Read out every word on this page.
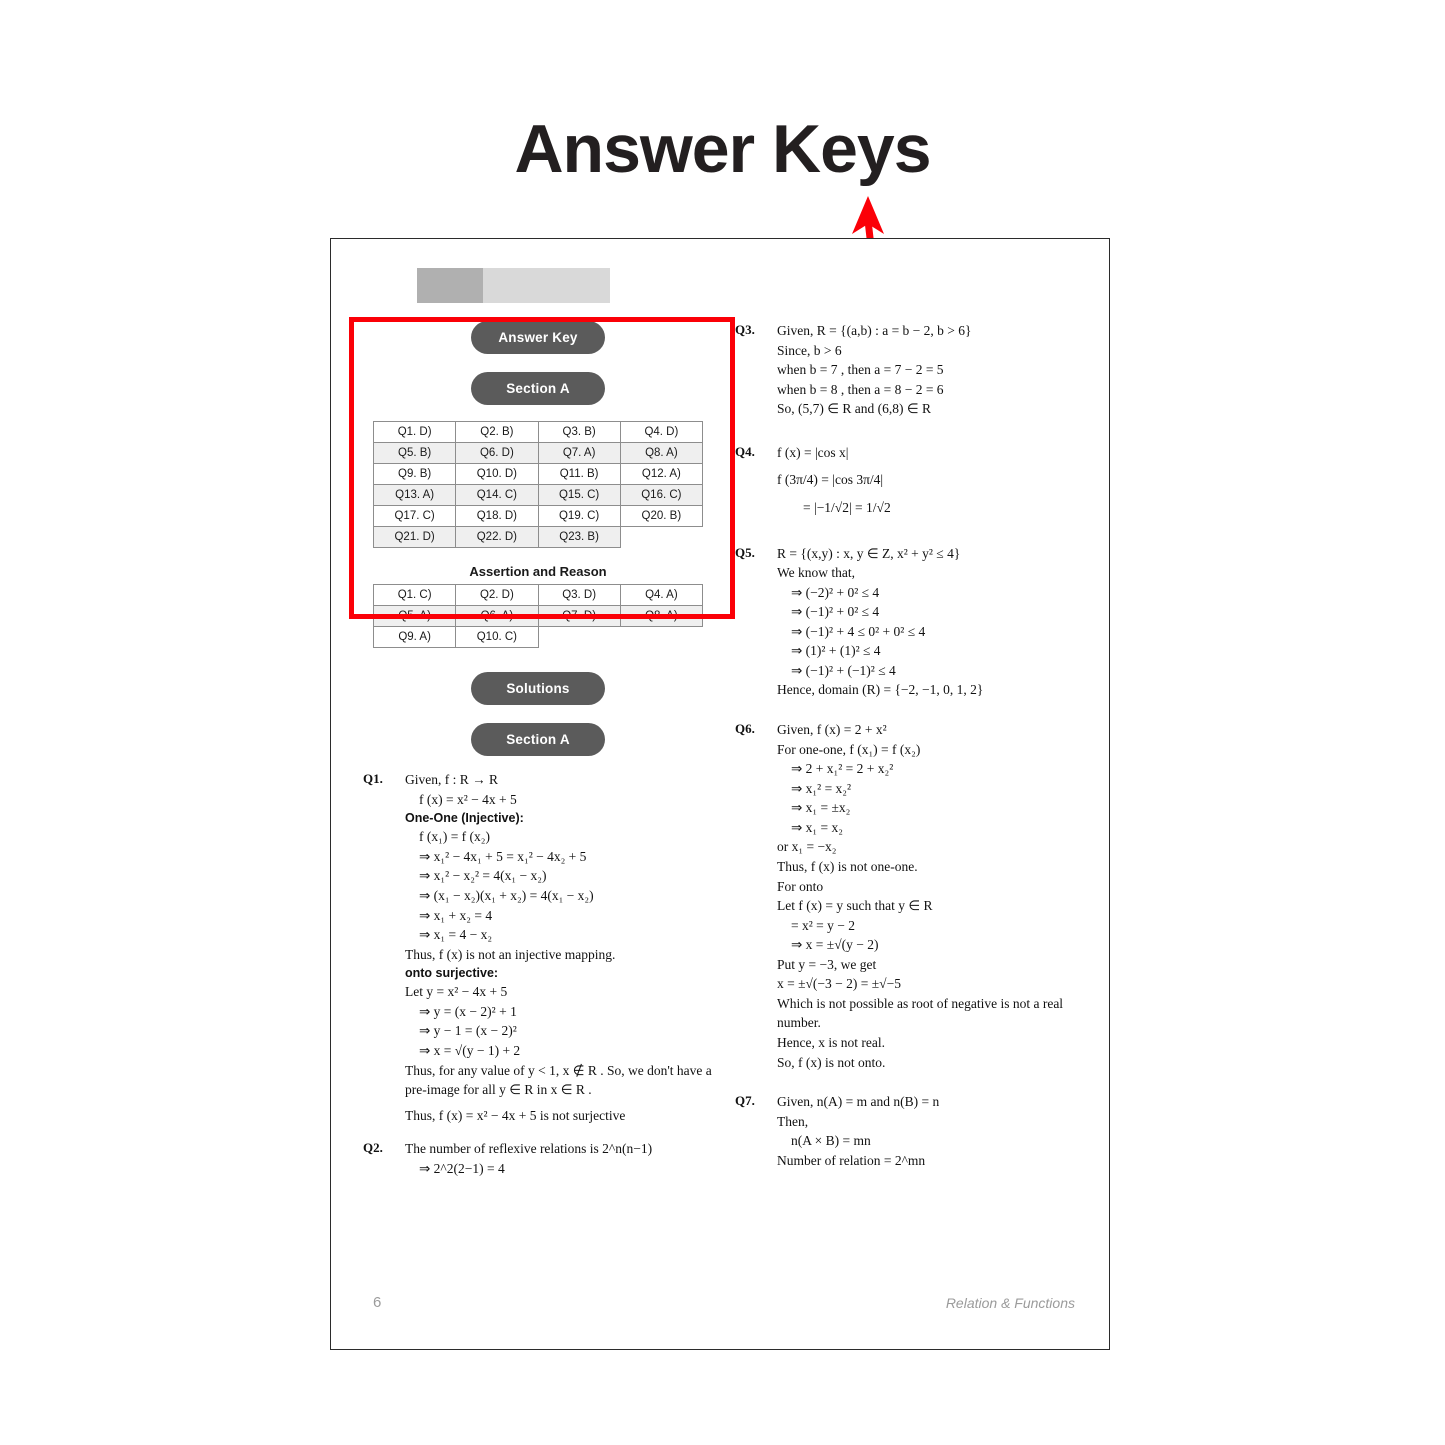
Answer Keys
Answer Key
Section A
Q1. D)	Q2. B)	Q3. B)	Q4. D)
Q5. B)	Q6. D)	Q7. A)	Q8. A)
Q9. B)	Q10. D)	Q11. B)	Q12. A)
Q13. A)	Q14. C)	Q15. C)	Q16. C)
Q17. C)	Q18. D)	Q19. C)	Q20. B)
Q21. D)	Q22. D)	Q23. B)	
Assertion and Reason
Q1. C)	Q2. D)	Q3. D)	Q4. A)
Q5. A)	Q6. A)	Q7. D)	Q8. A)
Q9. A)	Q10. C)		
Solutions
Section A
Q1.	Given, f : R → R
f (x) = x² − 4x + 5
One-One (Injective):
f (x₁) = f (x₂)
⇒ x₁² − 4x₁ + 5 = x₁² − 4x₂ + 5
⇒ x₁² − x₂² = 4(x₁ − x₂)
⇒ (x₁ − x₂)(x₁ + x₂) = 4(x₁ − x₂)
⇒ x₁ + x₂ = 4
⇒ x₁ = 4 − x₂
Thus, f (x) is not an injective mapping.
onto surjective:
Let y = x² − 4x + 5
⇒ y = (x − 2)² + 1
⇒ y − 1 = (x − 2)²
⇒ x = √(y − 1) + 2
Thus, for any value of y < 1, x ∉ R . So, we don't have a pre-image for all y ∈ R in x ∈ R .
Thus, f (x) = x² − 4x + 5 is not surjective
Q2.	The number of reflexive relations is 2^n(n−1)
⇒ 2^2(2−1) = 4
Q3.	Given, R = {(a,b) : a = b − 2, b > 6}
Since, b > 6
when b = 7 , then a = 7 − 2 = 5
when b = 8 , then a = 8 − 2 = 6
So, (5,7) ∈ R and (6,8) ∈ R
Q4.	f (x) = |cos x|
f (3π/4) = |cos 3π/4|
= |−1/√2| = 1/√2
Q5.	R = {(x,y) : x, y ∈ Z, x² + y² ≤ 4}
We know that,
⇒ (−2)² + 0² ≤ 4
⇒ (−1)² + 0² ≤ 4
⇒ (−1)² + 4 ≤ 0² + 0² ≤ 4
⇒ (1)² + (1)² ≤ 4
⇒ (−1)² + (−1)² ≤ 4
Hence, domain (R) = {−2, −1, 0, 1, 2}
Q6.	Given, f (x) = 2 + x²
For one-one, f (x₁) = f (x₂)
⇒ 2 + x₁² = 2 + x₂²
⇒ x₁² = x₂²
⇒ x₁ = ±x₂
⇒ x₁ = x₂
or x₁ = −x₂
Thus, f (x) is not one-one.
For onto
Let f (x) = y such that y ∈ R
= x² = y − 2
⇒ x = ±√(y − 2)
Put y = −3, we get
x = ±√(−3 − 2) = ±√−5
Which is not possible as root of negative is not a real number.
Hence, x is not real.
So, f (x) is not onto.
Q7.	Given, n(A) = m and n(B) = n
Then,
n(A × B) = mn
Number of relation = 2^mn
6	Relation & Functions
